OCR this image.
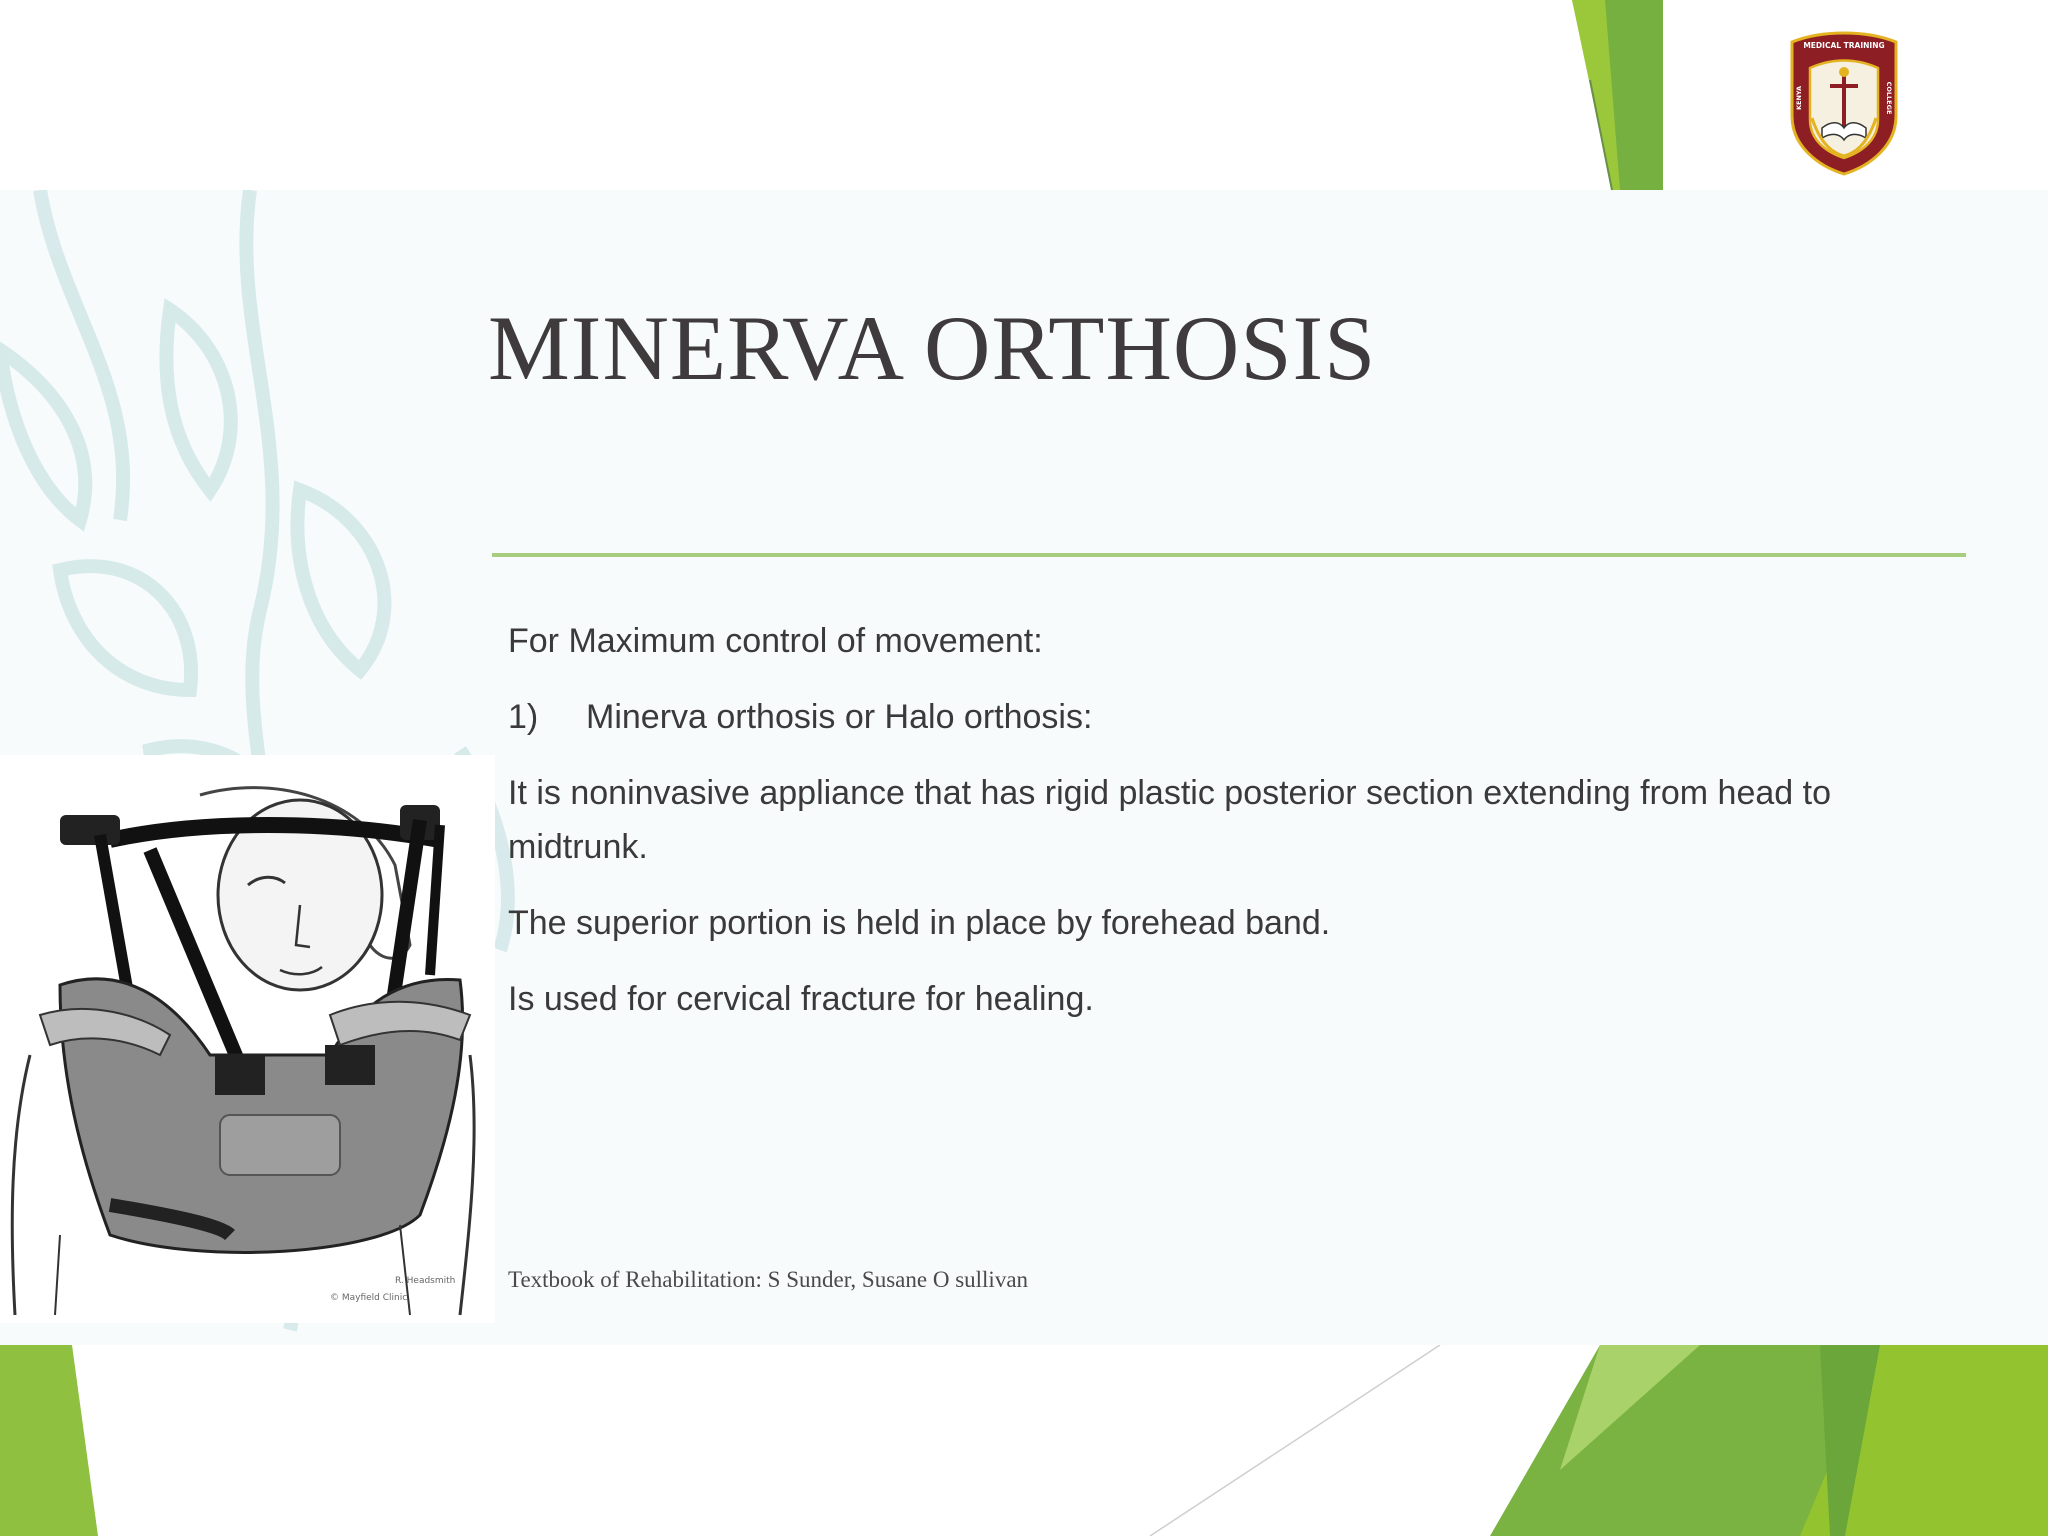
MINERVA ORTHOSIS

For Maximum control of movement:

1) Minerva orthosis or Halo orthosis:

It is noninvasive appliance that has rigid plastic posterior section extending from head to midtrunk.

The superior portion is held in place by forehead band.

Is used for cervical fracture for healing.

Textbook of Rehabilitation: S Sunder, Susane O sullivan
R. Headsmith
© Mayfield Clinic
MEDICAL TRAINING
KENYA	COLLEGE
